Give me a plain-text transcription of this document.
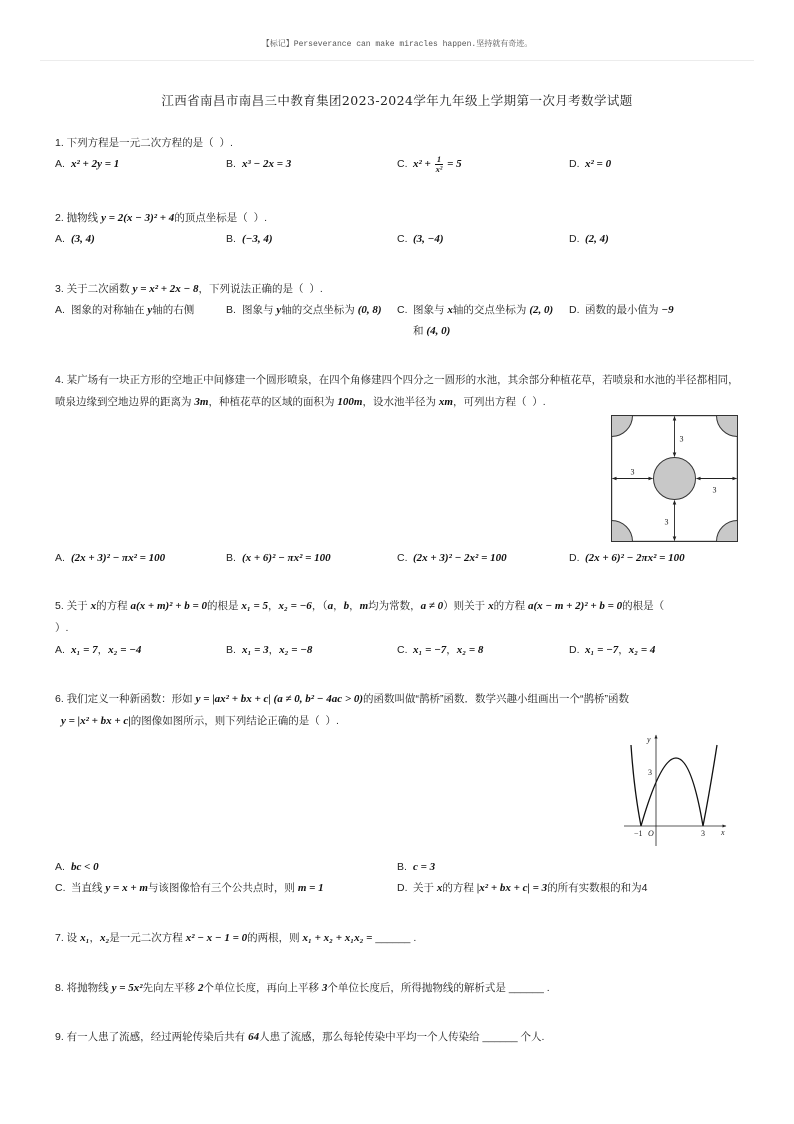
【标记】Perseverance can make miracles happen.坚持就有奇迹。
江西省南昌市南昌三中教育集团2023-2024学年九年级上学期第一次月考数学试题
3
3
3
3
y
x
O
−1	3
3
1. 下列方程是一元二次方程的是（  ）.
A. x² + 2y = 1	B. x³ − 2x = 3	C. $x^2 + \frac{1}{\text{x²}} = 5$	D. x² = 0
2. 抛物线 y = 2(x − 3)² + 4的顶点坐标是（  ）.
A. (3, 4)	B. (−3, 4)	C. (3, −4)	D. (2, 4)
3. 关于二次函数 y = x² + 2x − 8，下列说法正确的是（  ）.
A. 图象的对称轴在 y轴的右侧	B. 图象与 y轴的交点坐标为 (0, 8) C. 图象与 x轴的交点坐标为 (2, 0)
和 (4, 0)
D. 函数的最小值为 −9
4. 某广场有一块正方形的空地正中间修建一个圆形喷泉，在四个角修建四个四分之一圆形的水池，其余部分种植花草，若喷泉和水池的半径都相同，
喷泉边缘到空地边界的距离为 3m，种植花草的区域的面积为 100m，设水池半径为 xm，可列出方程（  ）.
A. (2x + 3)² − πx² = 100	B. (x + 6)² − πx² = 100	C. (2x + 3)² − 2x² = 100	D. (2x + 6)² − 2πx² = 100
5. 关于 x的方程 a(x + m)² + b = 0的根是 x₁ = 5，x₂ = −6，（a，b，m均为常数，a ≠ 0）则关于 x的方程 a(x − m + 2)² + b = 0的根是（
）.
A. x₁ = 7，x₂ = −4	B. x₁ = 3，x₂ = −8	C. x₁ = −7，x₂ = 8	D. x₁ = −7，x₂ = 4
6. 我们定义一种新函数：形如 y = |ax² + bx + c| (a ≠ 0, b² − 4ac > 0)的函数叫做“鹊桥”函数．数学兴趣小组画出一个“鹊桥”函数
y = |x² + bx + c|的图像如图所示，则下列结论正确的是（  ）.
A. bc < 0	B. c = 3
C. 当直线 y = x + m与该图像恰有三个公共点时，则 m = 1	D. 关于 x的方程 |x² + bx + c| = 3的所有实数根的和为4
7. 设 x₁，x₂是一元二次方程 x² − x − 1 = 0的两根，则 x₁ + x₂ + x₁x₂ = ______ .
8. 将抛物线 y = 5x²先向左平移 2个单位长度，再向上平移 3个单位长度后，所得抛物线的解析式是 ______ .
9. 有一人患了流感，经过两轮传染后共有 64人患了流感，那么每轮传染中平均一个人传染给 ______ 个人.
